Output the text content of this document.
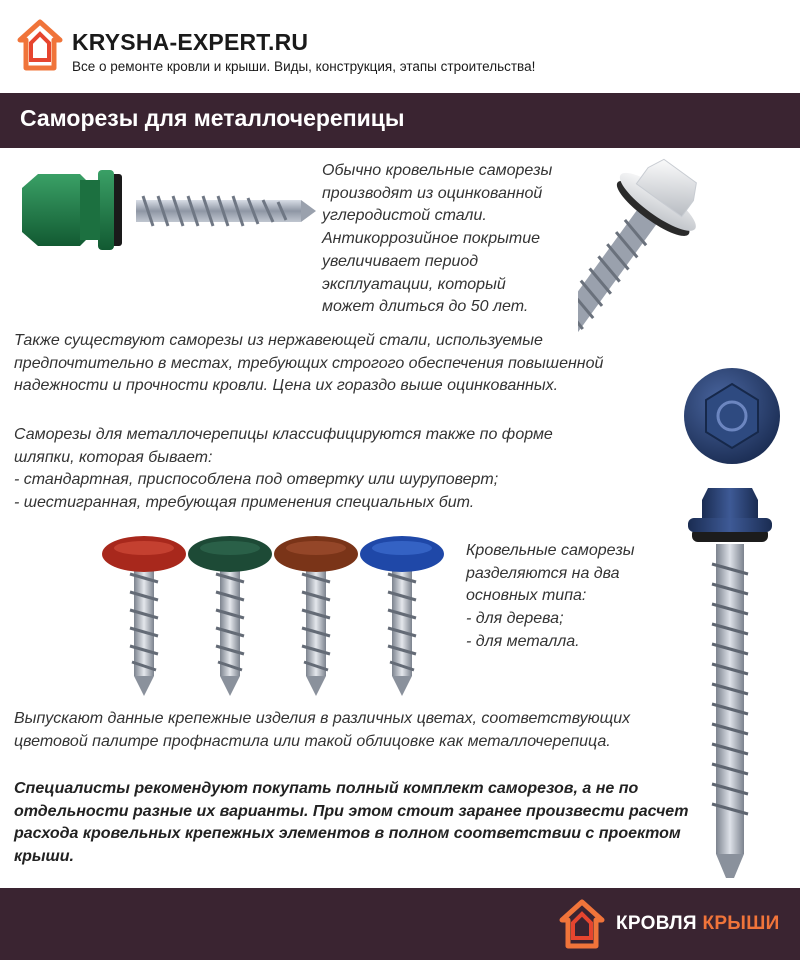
KRYSHA-EXPERT.RU
Все о ремонте кровли и крыши. Виды, конструкция, этапы строительства!
Саморезы для металлочерепицы
Обычно кровельные саморезы
производят из оцинкованной
углеродистой стали.
Антикоррозийное покрытие
увеличивает период
эксплуатации, который
может длиться до 50 лет.
Также существуют саморезы из нержавеющей стали, используемые
предпочтительно в местах, требующих строгого обеспечения повышенной
надежности и прочности кровли. Цена их гораздо выше оцинкованных.
Саморезы для металлочерепицы классифицируются также по форме
шляпки, которая бывает:
- стандартная, приспособлена под отвертку или шуруповерт;
- шестигранная, требующая применения специальных бит.
Кровельные саморезы
разделяются на два
основных типа:
- для дерева;
- для металла.
Выпускают данные крепежные изделия в различных цветах, соответствующих
цветовой палитре профнастила или такой облицовке как металлочерепица.
Специалисты рекомендуют покупать полный комплект саморезов, а не по
отдельности разные их варианты. При этом стоит заранее произвести расчет
расхода кровельных крепежных элементов в полном соответствии с проектом
крыши.
КРОВЛЯ КРЫШИ
